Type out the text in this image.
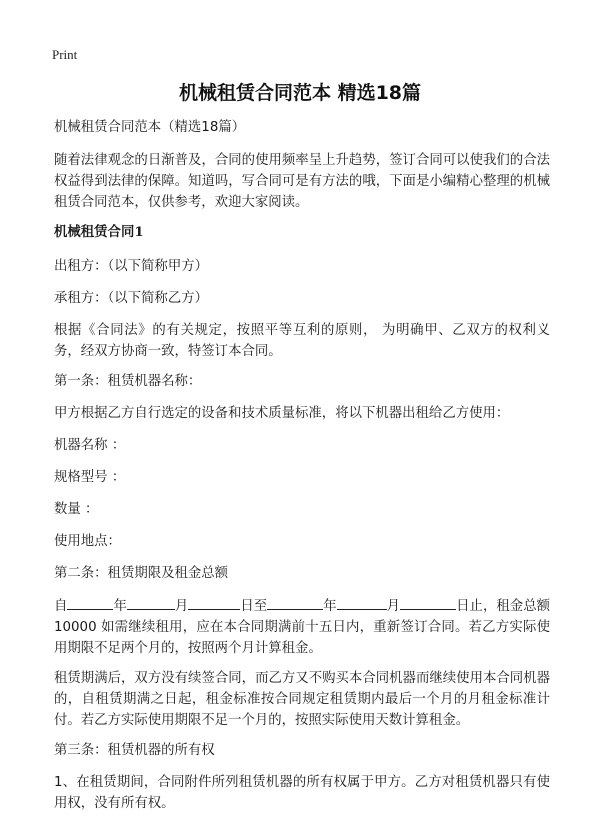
Print
机械租赁合同范本 精选18篇

机械租赁合同范本（精选18篇）

随着法律观念的日渐普及，合同的使用频率呈上升趋势，签订合同可以使我们的合法权益得到法律的保障。知道吗，写合同可是有方法的哦，下面是小编精心整理的机械租赁合同范本，仅供参考，欢迎大家阅读。

机械租赁合同1

出租方：（以下简称甲方）

承租方：（以下简称乙方）

根据《合同法》的有关规定，按照平等互利的原则， 为明确甲、乙双方的权利义务，经双方协商一致，特签订本合同。

第一条：租赁机器名称：

甲方根据乙方自行选定的设备和技术质量标准，将以下机器出租给乙方使用：

机器名称 ：

规格型号 ：

数量 ：

使用地点：

第二条：租赁期限及租金总额

自	年	月	日至	年	月	日止，租金总额 10000 如需继续租用，应在本合同期满前十五日内，重新签订合同。若乙方实际使用期限不足两个月的，按照两个月计算租金。

租赁期满后，双方没有续签合同，而乙方又不购买本合同机器而继续使用本合同机器的，自租赁期满之日起，租金标准按合同规定租赁期内最后一个月的月租金标准计付。若乙方实际使用期限不足一个月的，按照实际使用天数计算租金。

第三条：租赁机器的所有权

1、在租赁期间，合同附件所列租赁机器的所有权属于甲方。乙方对租赁机器只有使用权，没有所有权。
